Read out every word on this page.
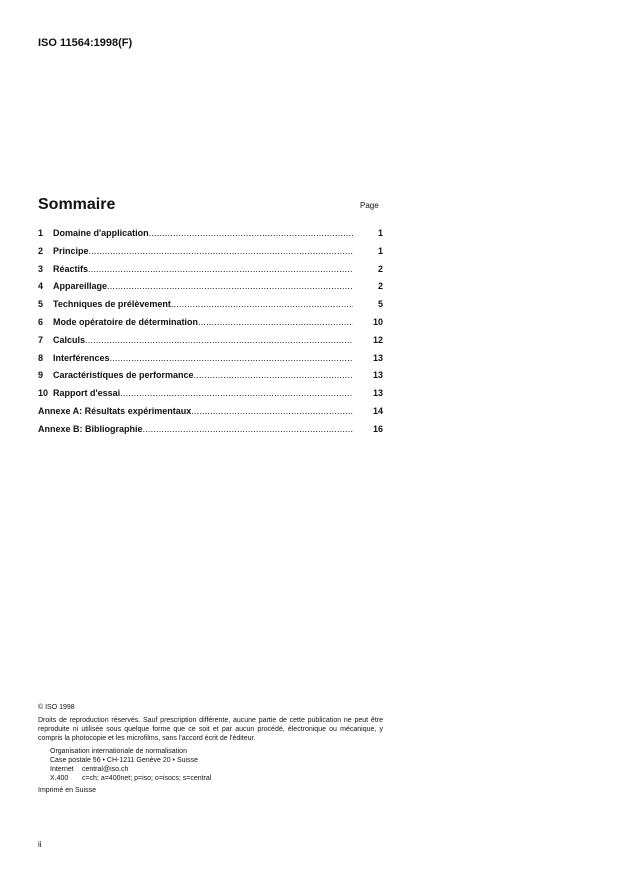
ISO 11564:1998(F)
Sommaire	Page
1	Domaine d'application .....	1
2	Principe .....	1
3	Réactifs .....	2
4	Appareillage .....	2
5	Techniques de prélèvement .....	5
6	Mode opératoire de détermination .....	10
7	Calculs .....	12
8	Interférences .....	13
9	Caractéristiques de performance .....	13
10 Rapport d'essai .....	13
Annexe A: Résultats expérimentaux .....	14
Annexe B: Bibliographie .....	16
© ISO 1998
Droits de reproduction réservés. Sauf prescription différente, aucune partie de cette publication ne peut être reproduite ni utilisée sous quelque forme que ce soit et par aucun procédé, électronique ou mécanique, y compris la photocopie et les microfilms, sans l'accord écrit de l'éditeur.
Organisation internationale de normalisation
Case postale 56 • CH-1211 Genève 20 • Suisse
Internet central@iso.ch
X.400 c=ch; a=400net; p=iso; o=isocs; s=central
Imprimé en Suisse
ii
